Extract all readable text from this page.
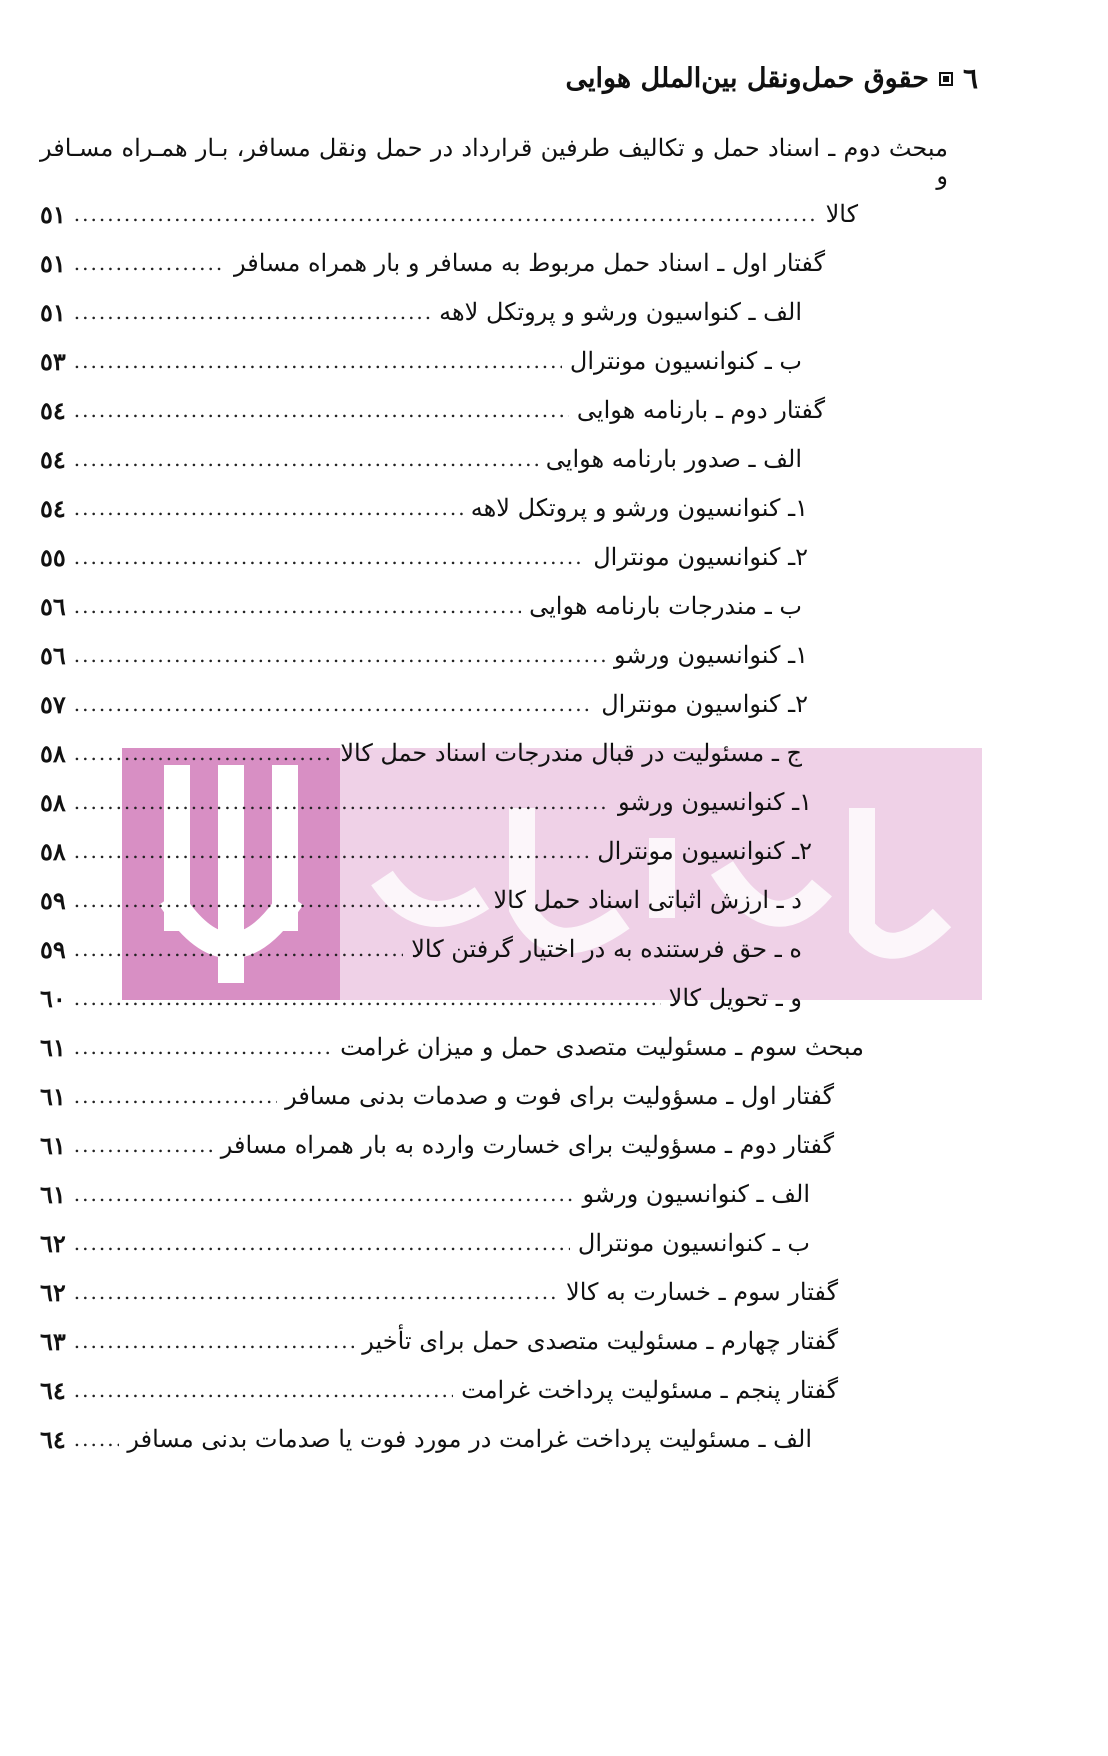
٦
حقوق حمل‌ونقل بین‌الملل هوایی
مبحث دوم ـ اسناد حمل و تکالیف طرفین قرارداد در حمل ونقل مسافر، بـار همـراه مسـافر و
کالا
.....
٥١
گفتار اول ـ اسناد حمل مربوط به مسافر و بار همراه مسافر
.....
٥١
الف ـ کنواسیون ورشو و پروتکل لاهه
.....
٥١
ب ـ کنوانسیون مونترال
.....
٥٣
گفتار دوم ـ بارنامه هوایی
.....
٥٤
الف ـ صدور بارنامه هوایی
.....
٥٤
١ـ کنوانسیون ورشو و پروتکل لاهه
.....
٥٤
٢ـ کنوانسیون مونترال
.....
٥٥
ب ـ مندرجات بارنامه هوایی
.....
٥٦
١ـ کنوانسیون ورشو
.....
٥٦
٢ـ کنواسیون مونترال
.....
٥٧
ج ـ مسئولیت در قبال مندرجات اسناد حمل کالا
.....
٥٨
١ـ کنوانسیون ورشو
.....
٥٨
٢ـ کنوانسیون مونترال
.....
٥٨
د ـ ارزش اثباتی اسناد حمل کالا
.....
٥٩
ه ـ حق فرستنده به در اختیار گرفتن کالا
.....
٥٩
و ـ تحویل کالا
.....
٦٠
مبحث سوم ـ مسئولیت متصدی حمل و میزان غرامت
.....
٦١
گفتار اول ـ مسؤولیت برای فوت و صدمات بدنی مسافر
.....
٦١
گفتار دوم ـ مسؤولیت برای خسارت وارده به بار همراه مسافر
.....
٦١
الف ـ کنوانسیون ورشو
.....
٦١
ب ـ کنوانسیون مونترال
.....
٦٢
گفتار سوم ـ خسارت به کالا
.....
٦٢
گفتار چهارم ـ مسئولیت متصدی حمل برای تأخیر
.....
٦٣
گفتار پنجم ـ مسئولیت پرداخت غرامت
.....
٦٤
الف ـ مسئولیت پرداخت غرامت در مورد فوت یا صدمات بدنی مسافر
.....
٦٤
